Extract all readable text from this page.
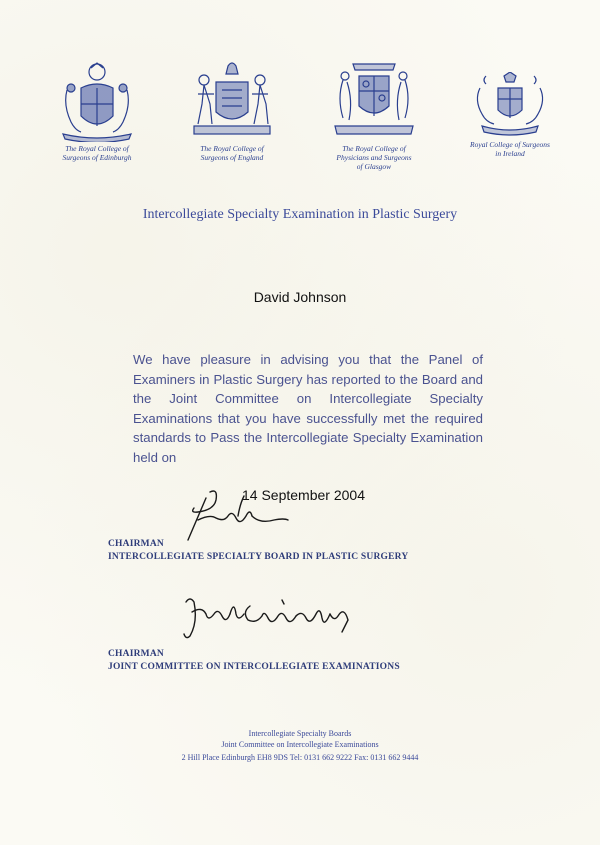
The Royal College of
Surgeons of Edinburgh
The Royal College of
Surgeons of England
The Royal College of
Physicians and Surgeons
of Glasgow
Royal College of Surgeons
in Ireland
Intercollegiate Specialty Examination in Plastic Surgery
David Johnson
We have pleasure in advising you that the Panel of Examiners in Plastic Surgery has reported to the Board and the Joint Committee on Intercollegiate Specialty Examinations that you have successfully met the required standards to Pass the Intercollegiate Specialty Examination held on
14 September 2004
CHAIRMAN
INTERCOLLEGIATE SPECIALTY BOARD IN PLASTIC SURGERY
CHAIRMAN
JOINT COMMITTEE ON INTERCOLLEGIATE EXAMINATIONS
Intercollegiate Specialty Boards
Joint Committee on Intercollegiate Examinations
2 Hill Place Edinburgh EH8 9DS Tel: 0131 662 9222 Fax: 0131 662 9444
